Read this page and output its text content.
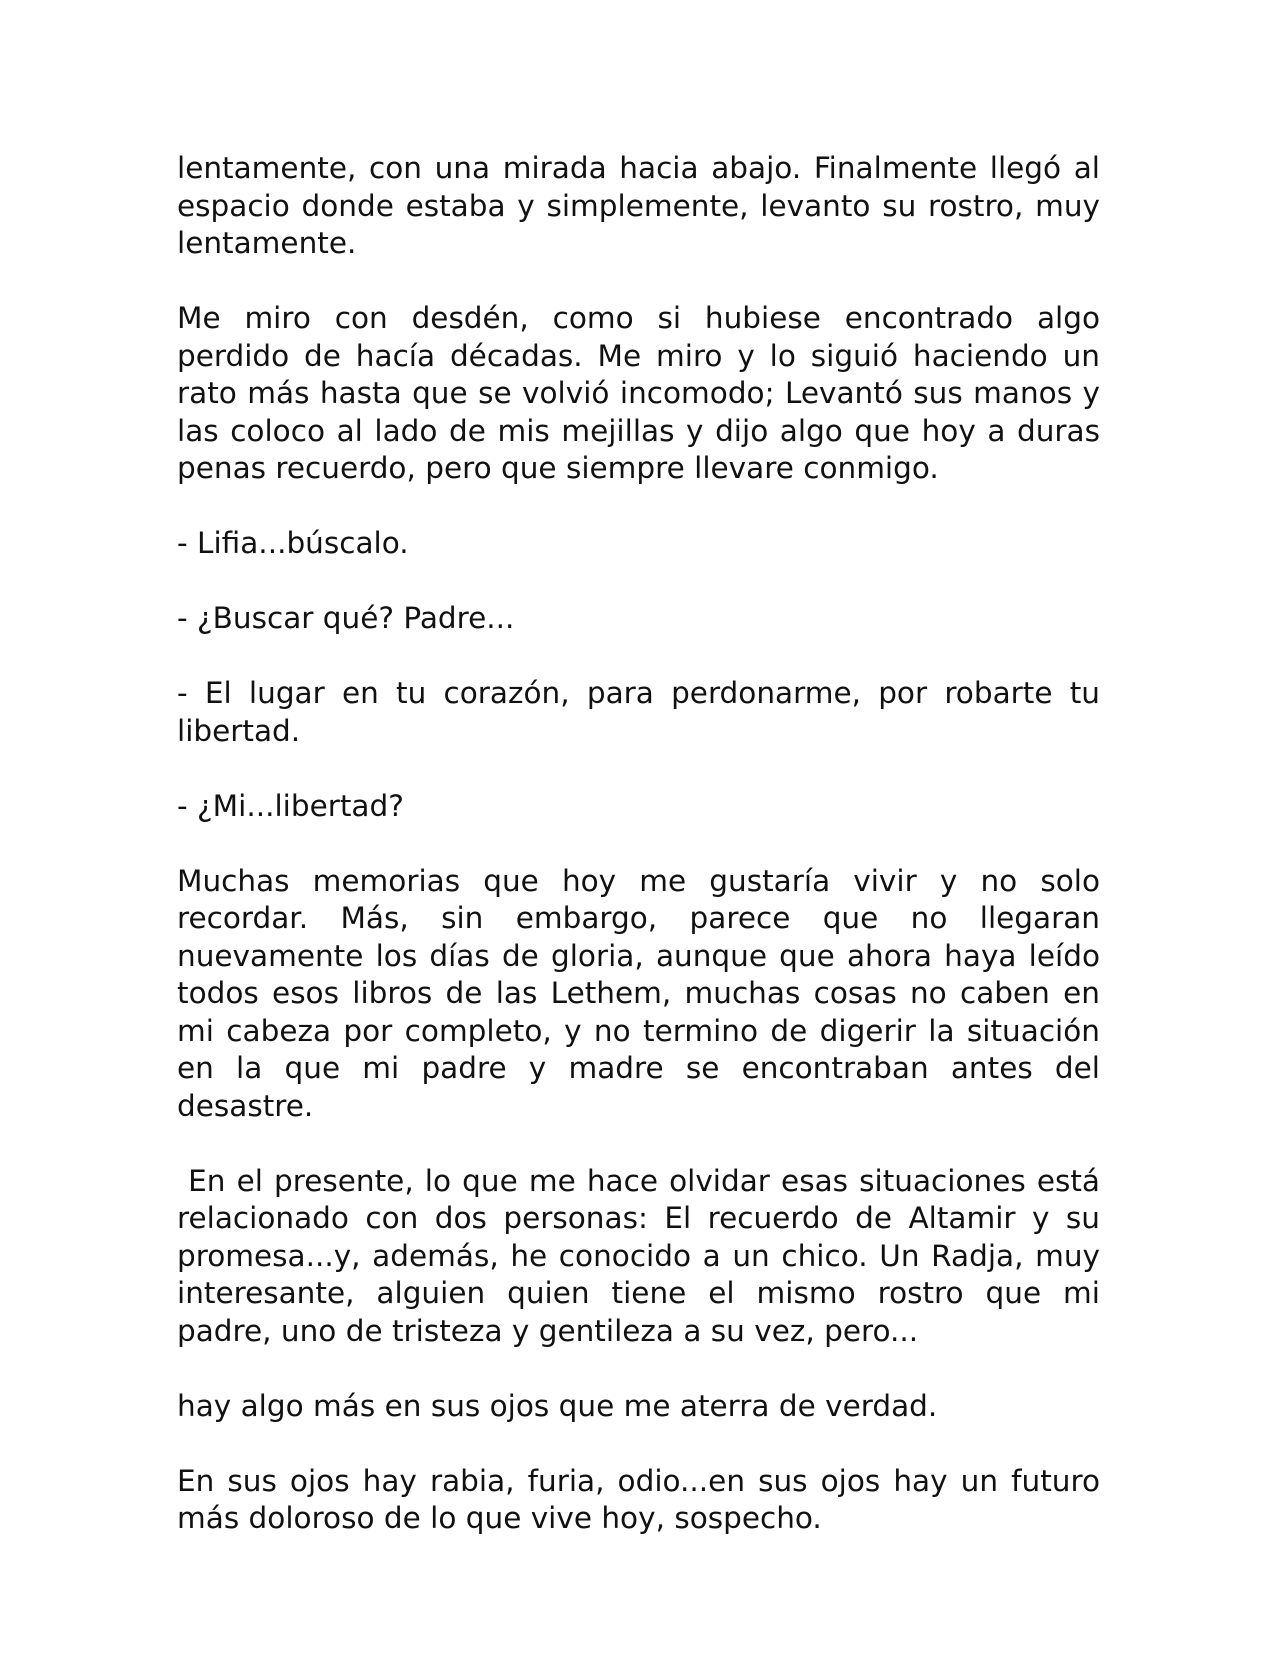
lentamente, con una mirada hacia abajo. Finalmente llegó al espacio donde estaba y simplemente, levanto su rostro, muy lentamente.

Me miro con desdén, como si hubiese encontrado algo perdido de hacía décadas. Me miro y lo siguió haciendo un rato más hasta que se volvió incomodo; Levantó sus manos y las coloco al lado de mis mejillas y dijo algo que hoy a duras penas recuerdo, pero que siempre llevare conmigo.

- Lifia...búscalo.

- ¿Buscar qué? Padre...

- El lugar en tu corazón, para perdonarme, por robarte tu libertad.

- ¿Mi...libertad?

Muchas memorias que hoy me gustaría vivir y no solo recordar. Más, sin embargo, parece que no llegaran nuevamente los días de gloria, aunque que ahora haya leído todos esos libros de las Lethem, muchas cosas no caben en mi cabeza por completo, y no termino de digerir la situación en la que mi padre y madre se encontraban antes del desastre.

En el presente, lo que me hace olvidar esas situaciones está relacionado con dos personas: El recuerdo de Altamir y su promesa...y, además, he conocido a un chico. Un Radja, muy interesante, alguien quien tiene el mismo rostro que mi padre, uno de tristeza y gentileza a su vez, pero...

hay algo más en sus ojos que me aterra de verdad.

En sus ojos hay rabia, furia, odio...en sus ojos hay un futuro más doloroso de lo que vive hoy, sospecho.
